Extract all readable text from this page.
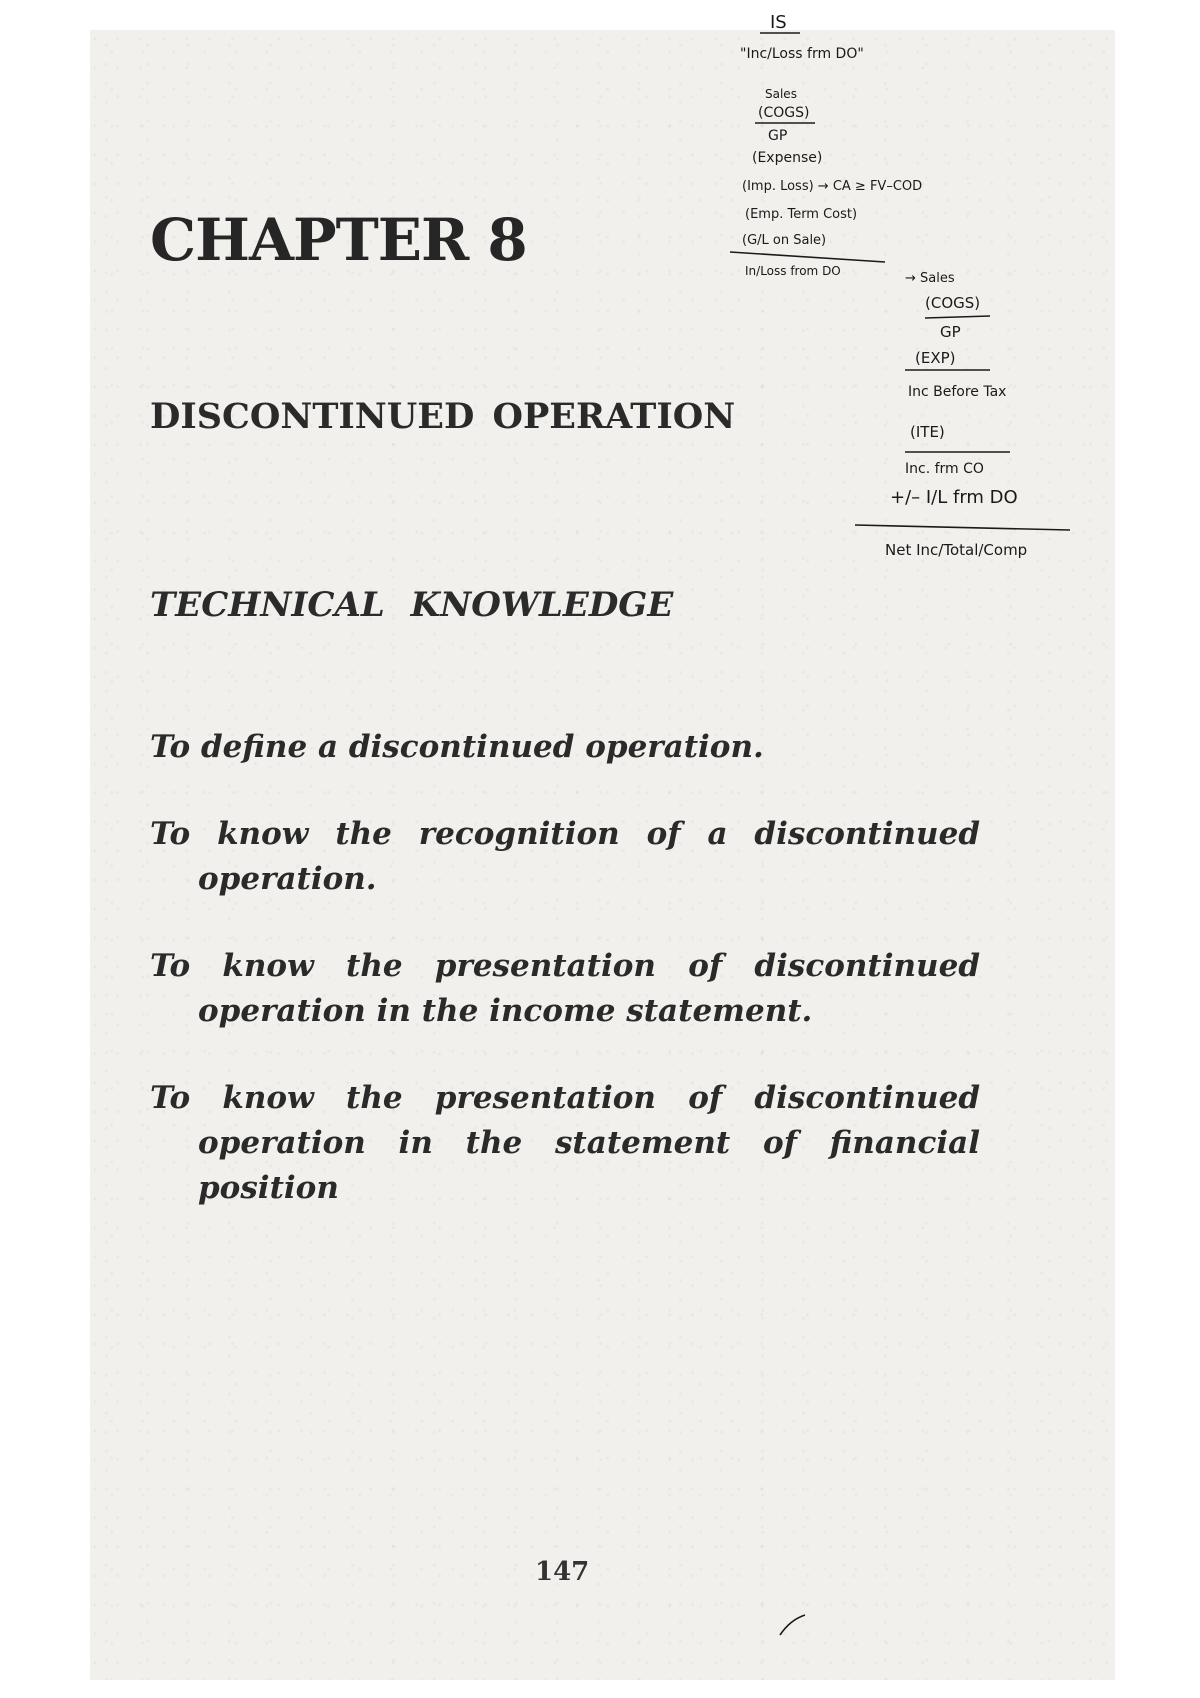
CHAPTER 8
DISCONTINUED OPERATION
TECHNICAL KNOWLEDGE
To define a discontinued operation.
To know the recognition of a discontinued operation.
To know the presentation of discontinued operation in the income statement.
To know the presentation of discontinued operation in the statement of financial position

147

IS
"Inc/Loss frm DO"
Sales
(COGS)
GP
(Expense)
(Imp. Loss) → CA ≥ FV–COD
(Emp. Term Cost)
(G/L on Sale)
In/Loss from DO	→ Sales
(COGS)
GP
(EXP)
Inc Before Tax
(ITE)
Inc. frm CO
+/– I/L frm DO
Net Inc/Total/Comp
